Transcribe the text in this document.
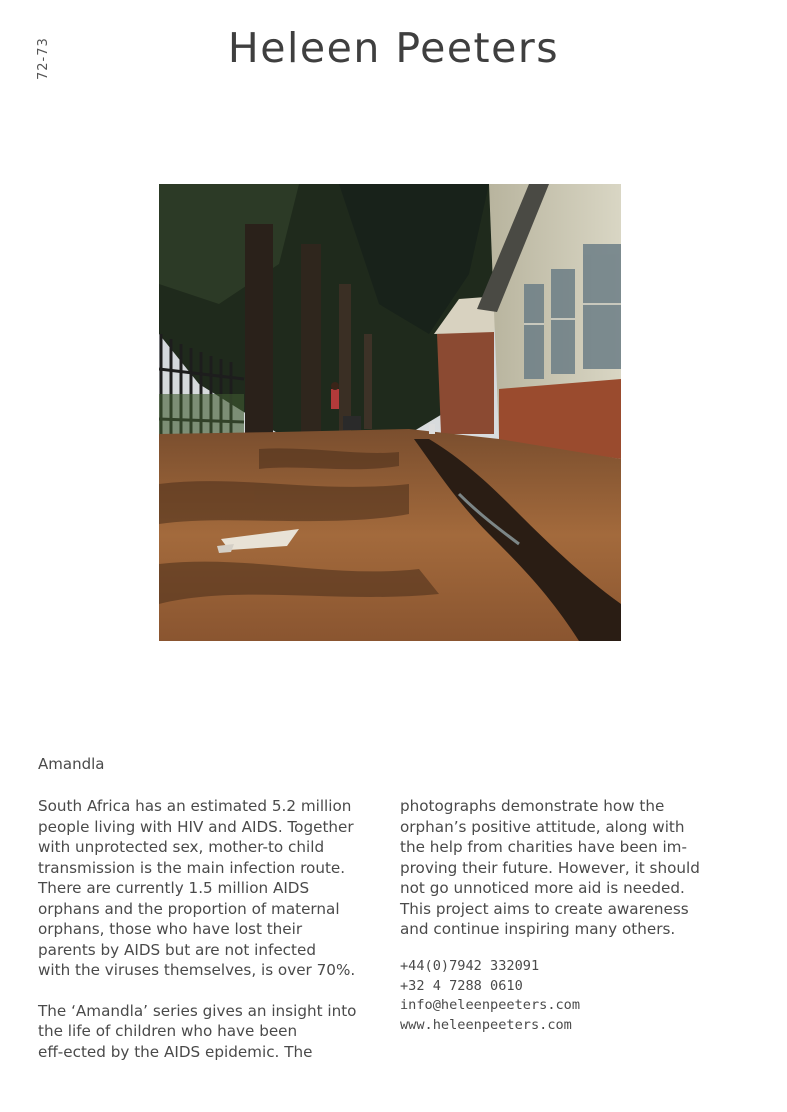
72-73	Heleen Peeters
Amandla

South Africa has an estimated 5.2 million

people living with HIV and AIDS. Together

with unprotected sex, mother-to child

transmission is the main infection route.

There are currently 1.5 million AIDS

orphans and the proportion of maternal

orphans, those who have lost their

parents by AIDS but are not infected

with the viruses themselves, is over 70%.

The ‘Amandla’ series gives an insight into

the life of children who have been

eff-ected by the AIDS epidemic. The

photographs demonstrate how the

orphan’s positive attitude, along with

the help from charities have been im-

proving their future. However, it should

not go unnoticed more aid is needed.

This project aims to create awareness

and continue inspiring many others.

+44(0)7942 332091
+32 4 7288 0610
info@heleenpeeters.com
www.heleenpeeters.com
